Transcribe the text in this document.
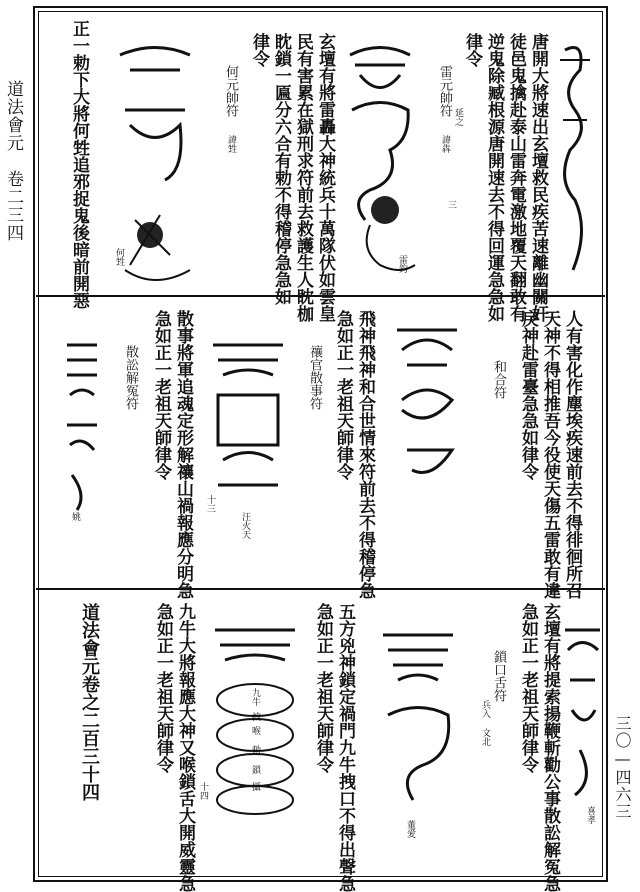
道法會元　卷二三四
三〇—四六三
唐開大將速出玄壇救民疾苦速離幽關奸
徒邑鬼擒赴泰山雷奔電激地覆天翻敢有
逆鬼除臧根源唐開速去不得回運急急如
律令
雷元帥符
諱犇
延之
三
雷鈞
玄壇有將雷轟大神統兵十萬隊伏如雲皇
民有害累在獄刑求符前去救護生人眈枷
眈鎖一匾分六合有勅不得稽停急急如
律令
何元帥符
諱甡
何甡
正一勅下大將何甡追邪捉鬼後暗前開惡
人有害化作塵埃疾速前去不得徘徊所召
天神不得相推吾今役使天傷五雷敢有違
戾神赴雷臺急急如律令
和合符
飛神飛神和合世情來符前去不得稽停急
急如正一老祖天師律令
禳官散事符
汪火天
十三
散事將軍追魂定形解禳山禍報應分明急
急如正一老祖天師律令
散訟解冤符
姚
喜孝
玄壇有將提索揚鞭斬勸公事散訟解冤急
急如正一老祖天師律令
鎖口舌符
兵入 文北
董愛
五方兇神鎖定禍門九牛拽口不得出聲急
急如正一老祖天師律令
九牛
拽
喉
勅
鎖
攝
九牛大將報應大神又喉鎖舌大開威靈急
急如正一老祖天師律令
十四
道法會元卷之二百三十四
